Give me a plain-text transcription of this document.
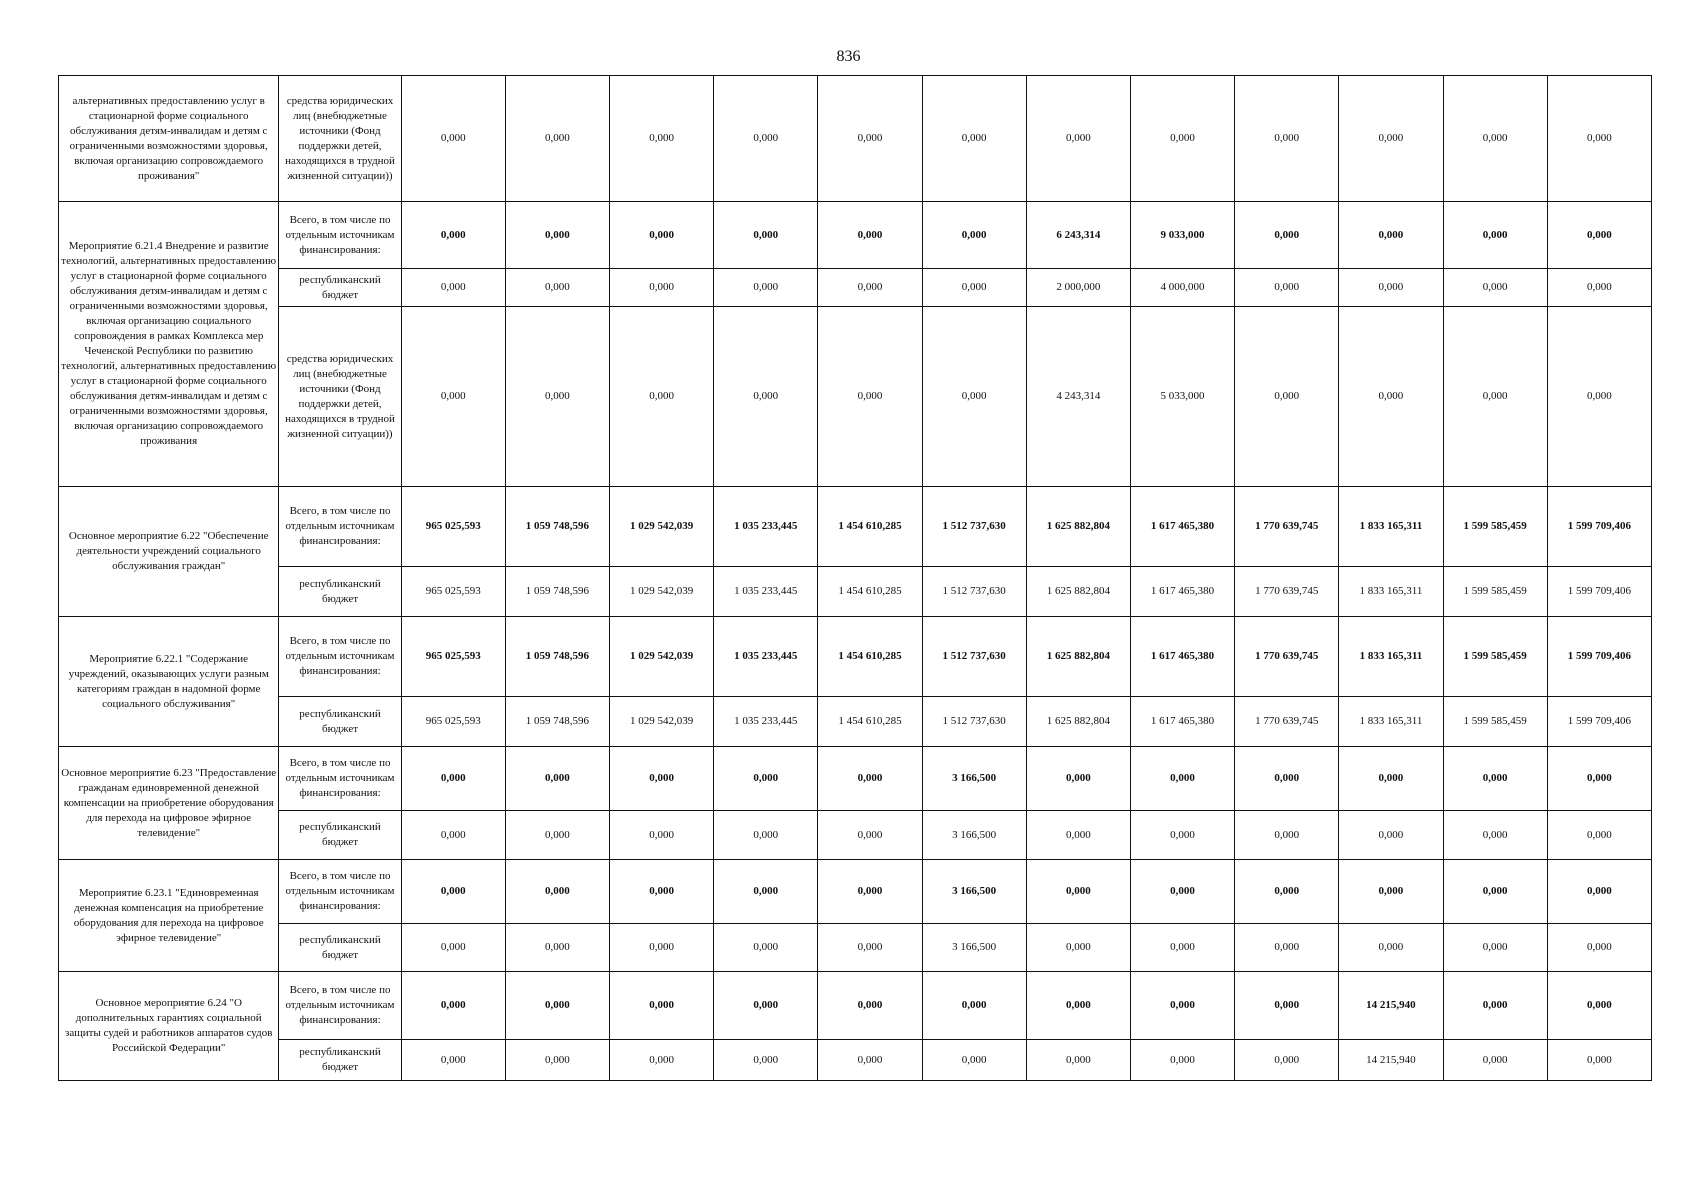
836
альтернативных предоставлению услуг в стационарной форме социального обслуживания детям-инвалидам и детям с ограниченными возможностями здоровья, включая организацию сопровождаемого проживания"	средства юридических лиц (внебюджетные источники (Фонд поддержки детей, находящихся в трудной жизненной ситуации))	0,000	0,000	0,000	0,000	0,000	0,000	0,000	0,000	0,000	0,000	0,000	0,000
Мероприятие 6.21.4 Внедрение и развитие технологий, альтернативных предоставлению услуг в стационарной форме социального обслуживания детям-инвалидам и детям с ограниченными возможностями здоровья, включая организацию социального сопровождения в рамках Комплекса мер Чеченской Республики по развитию технологий, альтернативных предоставлению услуг в стационарной форме социального обслуживания детям-инвалидам и детям с ограниченными возможностями здоровья, включая организацию сопровождаемого проживания	Всего, в том числе по отдельным источникам финансирования:	0,000	0,000	0,000	0,000	0,000	0,000	6 243,314	9 033,000	0,000	0,000	0,000	0,000
	республиканский бюджет	0,000	0,000	0,000	0,000	0,000	0,000	2 000,000	4 000,000	0,000	0,000	0,000	0,000
	средства юридических лиц (внебюджетные источники (Фонд поддержки детей, находящихся в трудной жизненной ситуации))	0,000	0,000	0,000	0,000	0,000	0,000	4 243,314	5 033,000	0,000	0,000	0,000	0,000
Основное мероприятие 6.22 "Обеспечение деятельности учреждений социального обслуживания граждан"	Всего, в том числе по отдельным источникам финансирования:	965 025,593	1 059 748,596	1 029 542,039	1 035 233,445	1 454 610,285	1 512 737,630	1 625 882,804	1 617 465,380	1 770 639,745	1 833 165,311	1 599 585,459	1 599 709,406
	республиканский бюджет	965 025,593	1 059 748,596	1 029 542,039	1 035 233,445	1 454 610,285	1 512 737,630	1 625 882,804	1 617 465,380	1 770 639,745	1 833 165,311	1 599 585,459	1 599 709,406
Мероприятие 6.22.1 "Содержание учреждений, оказывающих услуги разным категориям граждан в надомной форме социального обслуживания"	Всего, в том числе по отдельным источникам финансирования:	965 025,593	1 059 748,596	1 029 542,039	1 035 233,445	1 454 610,285	1 512 737,630	1 625 882,804	1 617 465,380	1 770 639,745	1 833 165,311	1 599 585,459	1 599 709,406
	республиканский бюджет	965 025,593	1 059 748,596	1 029 542,039	1 035 233,445	1 454 610,285	1 512 737,630	1 625 882,804	1 617 465,380	1 770 639,745	1 833 165,311	1 599 585,459	1 599 709,406
Основное мероприятие 6.23 "Предоставление гражданам единовременной денежной компенсации на приобретение оборудования для перехода на цифровое эфирное телевидение"	Всего, в том числе по отдельным источникам финансирования:	0,000	0,000	0,000	0,000	0,000	3 166,500	0,000	0,000	0,000	0,000	0,000	0,000
	республиканский бюджет	0,000	0,000	0,000	0,000	0,000	3 166,500	0,000	0,000	0,000	0,000	0,000	0,000
Мероприятие 6.23.1 "Единовременная денежная компенсация на приобретение оборудования для перехода на цифровое эфирное телевидение"	Всего, в том числе по отдельным источникам финансирования:	0,000	0,000	0,000	0,000	0,000	3 166,500	0,000	0,000	0,000	0,000	0,000	0,000
	республиканский бюджет	0,000	0,000	0,000	0,000	0,000	3 166,500	0,000	0,000	0,000	0,000	0,000	0,000
Основное мероприятие 6.24 "О дополнительных гарантиях социальной защиты судей и работников аппаратов судов Российской Федерации"	Всего, в том числе по отдельным источникам финансирования:	0,000	0,000	0,000	0,000	0,000	0,000	0,000	0,000	0,000	14 215,940	0,000	0,000
	республиканский бюджет	0,000	0,000	0,000	0,000	0,000	0,000	0,000	0,000	0,000	14 215,940	0,000	0,000
